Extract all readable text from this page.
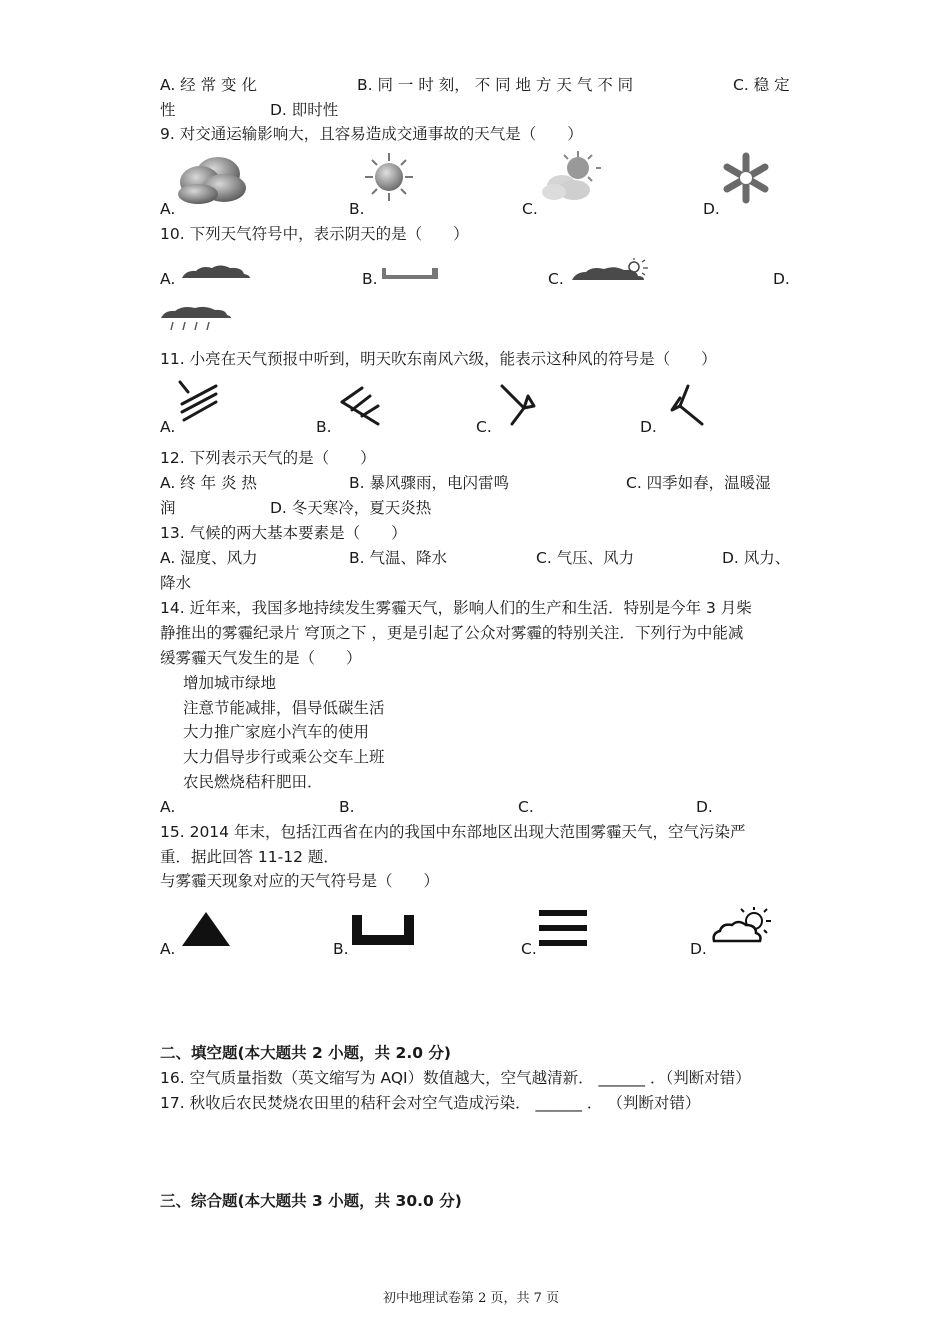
A. 经 常 变 化	B. 同 一 时 刻， 不 同 地 方 天 气 不 同	C. 稳 定
性	D. 即时性
9. 对交通运输影响大，且容易造成交通事故的天气是（　　）
A.	B.	C.	D.
10. 下列天气符号中，表示阴天的是（　　）
A.	B.	C.	D.
11. 小亮在天气预报中听到，明天吹东南风六级，能表示这种风的符号是（　　）
A.	B.	C.	D.
12. 下列表示天气的是（　　）
A. 终 年 炎 热	B. 暴风骤雨，电闪雷鸣	C. 四季如春，温暖湿
润	D. 冬天寒冷，夏天炎热
13. 气候的两大基本要素是（　　）
A. 湿度、风力	B. 气温、降水	C. 气压、风力	D. 风力、
降水
14. 近年来，我国多地持续发生雾霾天气，影响人们的生产和生活．特别是今年 3 月柴
静推出的雾霾纪录片 穹顶之下 ，更是引起了公众对雾霾的特别关注．下列行为中能减
缓雾霾天气发生的是（　　）
增加城市绿地
注意节能减排，倡导低碳生活
大力推广家庭小汽车的使用
大力倡导步行或乘公交车上班
农民燃烧秸秆肥田．
A.	B.	C.	D.
15. 2014 年末，包括江西省在内的我国中东部地区出现大范围雾霾天气，空气污染严
重．据此回答 11-12 题．
与雾霾天现象对应的天气符号是（　　）
A.	B.	C.	D.
二、填空题(本大题共 2 小题，共 2.0 分)
16. 空气质量指数（英文缩写为 AQI）数值越大，空气越清新． ______ ．（判断对错）
17. 秋收后农民焚烧农田里的秸秆会对空气造成污染． ______ ． （判断对错）
三、综合题(本大题共 3 小题，共 30.0 分)
初中地理试卷第 2 页，共 7 页
